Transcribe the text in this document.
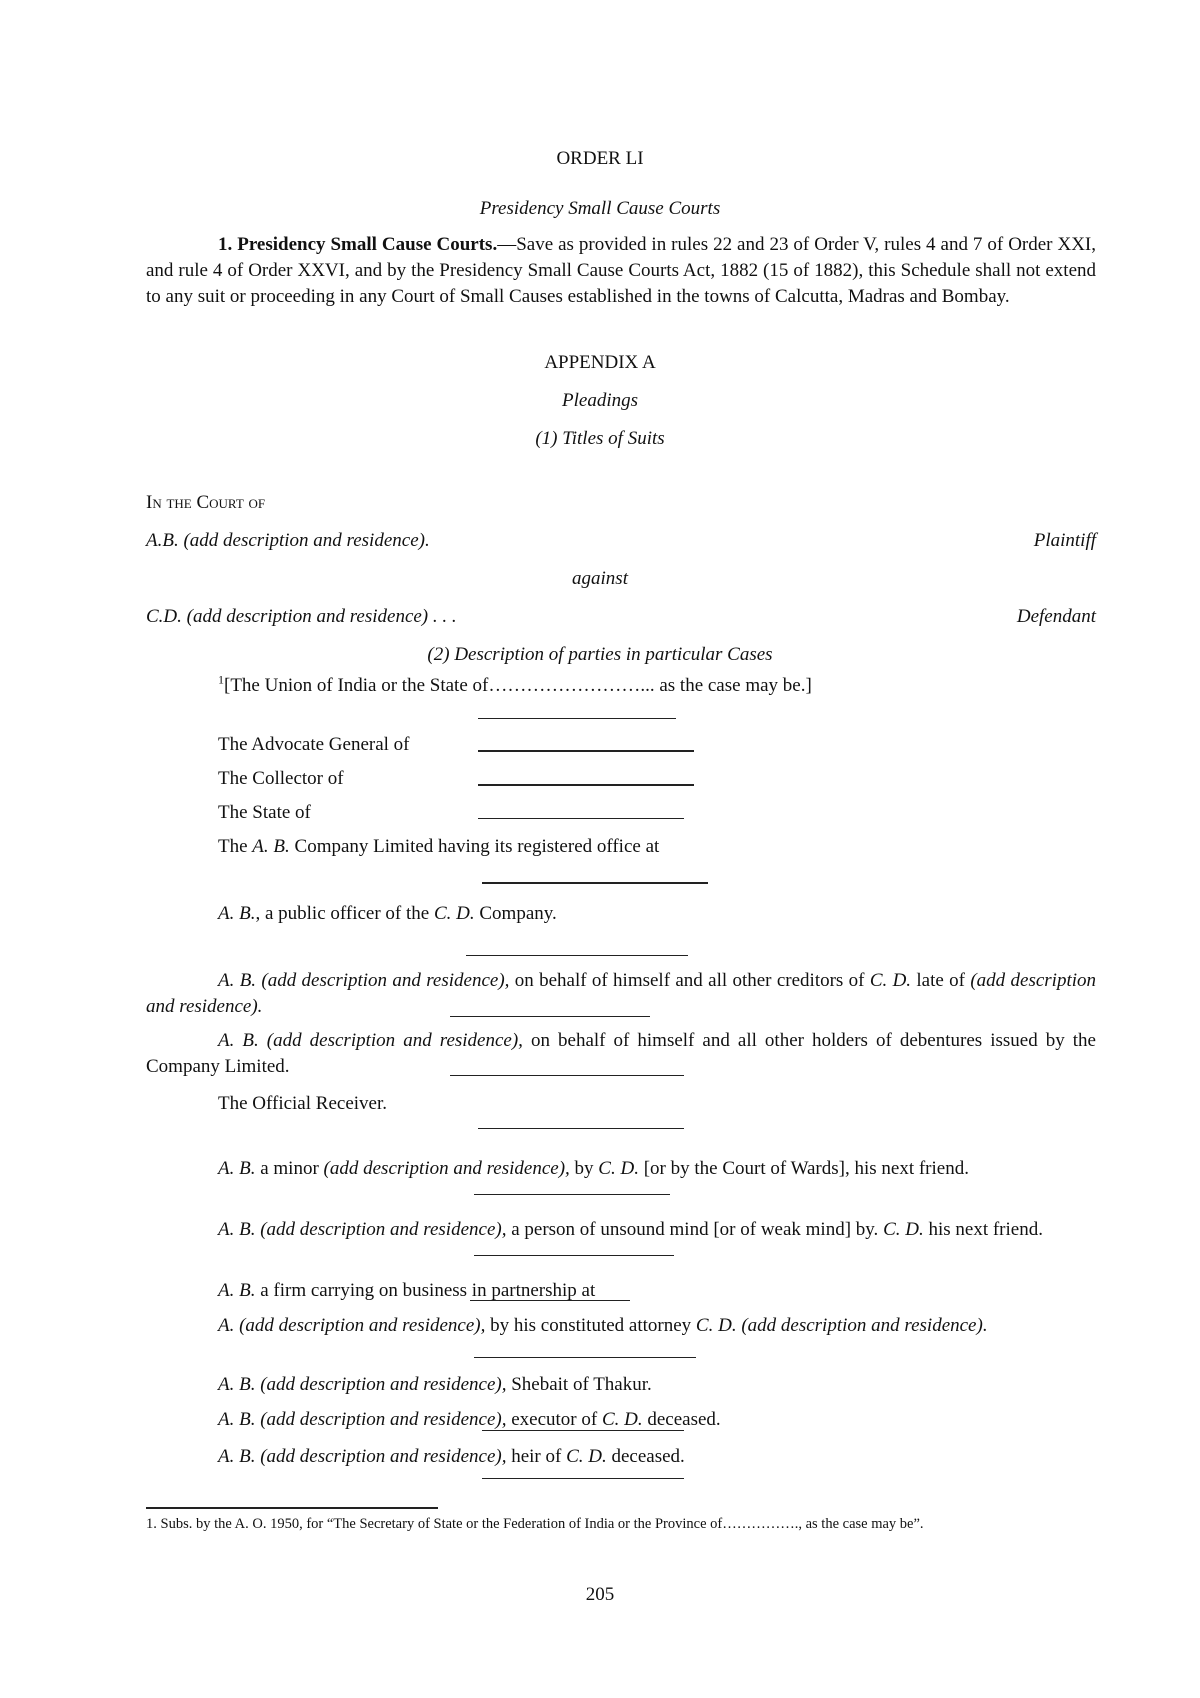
ORDER LI
Presidency Small Cause Courts

1. Presidency Small Cause Courts.—Save as provided in rules 22 and 23 of Order V, rules 4 and 7 of Order XXI, and rule 4 of Order XXVI, and by the Presidency Small Cause Courts Act, 1882 (15 of 1882), this Schedule shall not extend to any suit or proceeding in any Court of Small Causes established in the towns of Calcutta, Madras and Bombay.

APPENDIX A
Pleadings
(1) Titles of Suits
In the Court of
A.B. (add description and residence).	Plaintiff
against
C.D. (add description and residence) . . .	Defendant
(2) Description of parties in particular Cases
$^1$[The Union of India or the State of……………………... as the case may be.]
The Advocate General of
The Collector of
The State of
The A. B. Company Limited having its registered office at
A. B., a public officer of the C. D. Company.

A. B. (add description and residence), on behalf of himself and all other creditors of C. D. late of (add description and residence).

A. B. (add description and residence), on behalf of himself and all other holders of debentures issued by the Company Limited.

The Official Receiver.

A. B. a minor (add description and residence), by C. D. [or by the Court of Wards], his next friend.

A. B. (add description and residence), a person of unsound mind [or of weak mind] by. C. D. his next friend.

A. B. a firm carrying on business in partnership at

A. (add description and residence), by his constituted attorney C. D. (add description and residence).

A. B. (add description and residence), Shebait of Thakur.
A. B. (add description and residence), executor of C. D. deceased.
A. B. (add description and residence), heir of C. D. deceased.
1. Subs. by the A. O. 1950, for “The Secretary of State or the Federation of India or the Province of……………., as the case may be”.
205
